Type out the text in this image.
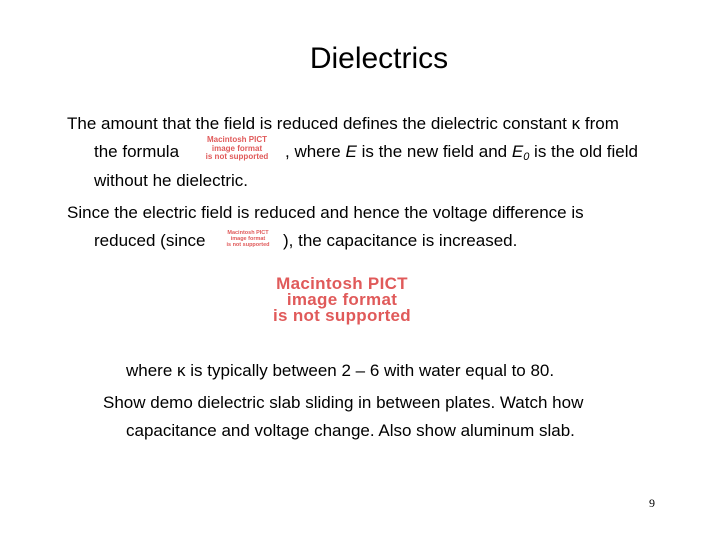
Dielectrics
The amount that the field is reduced defines the dielectric constant κ from
the formula
Macintosh PICT
image format
is not supported , where E is the new field and $E_0$ is the old field
without he dielectric.
Since the electric field is reduced and hence the voltage difference is
reduced (since	Macintosh PICT
image format
is not supported ), the capacitance is increased.
Macintosh PICT
image format
is not supported
where κ is typically between 2 – 6 with water equal to 80.
Show demo dielectric slab sliding in between plates. Watch how
capacitance and voltage change. Also show aluminum slab.
9
